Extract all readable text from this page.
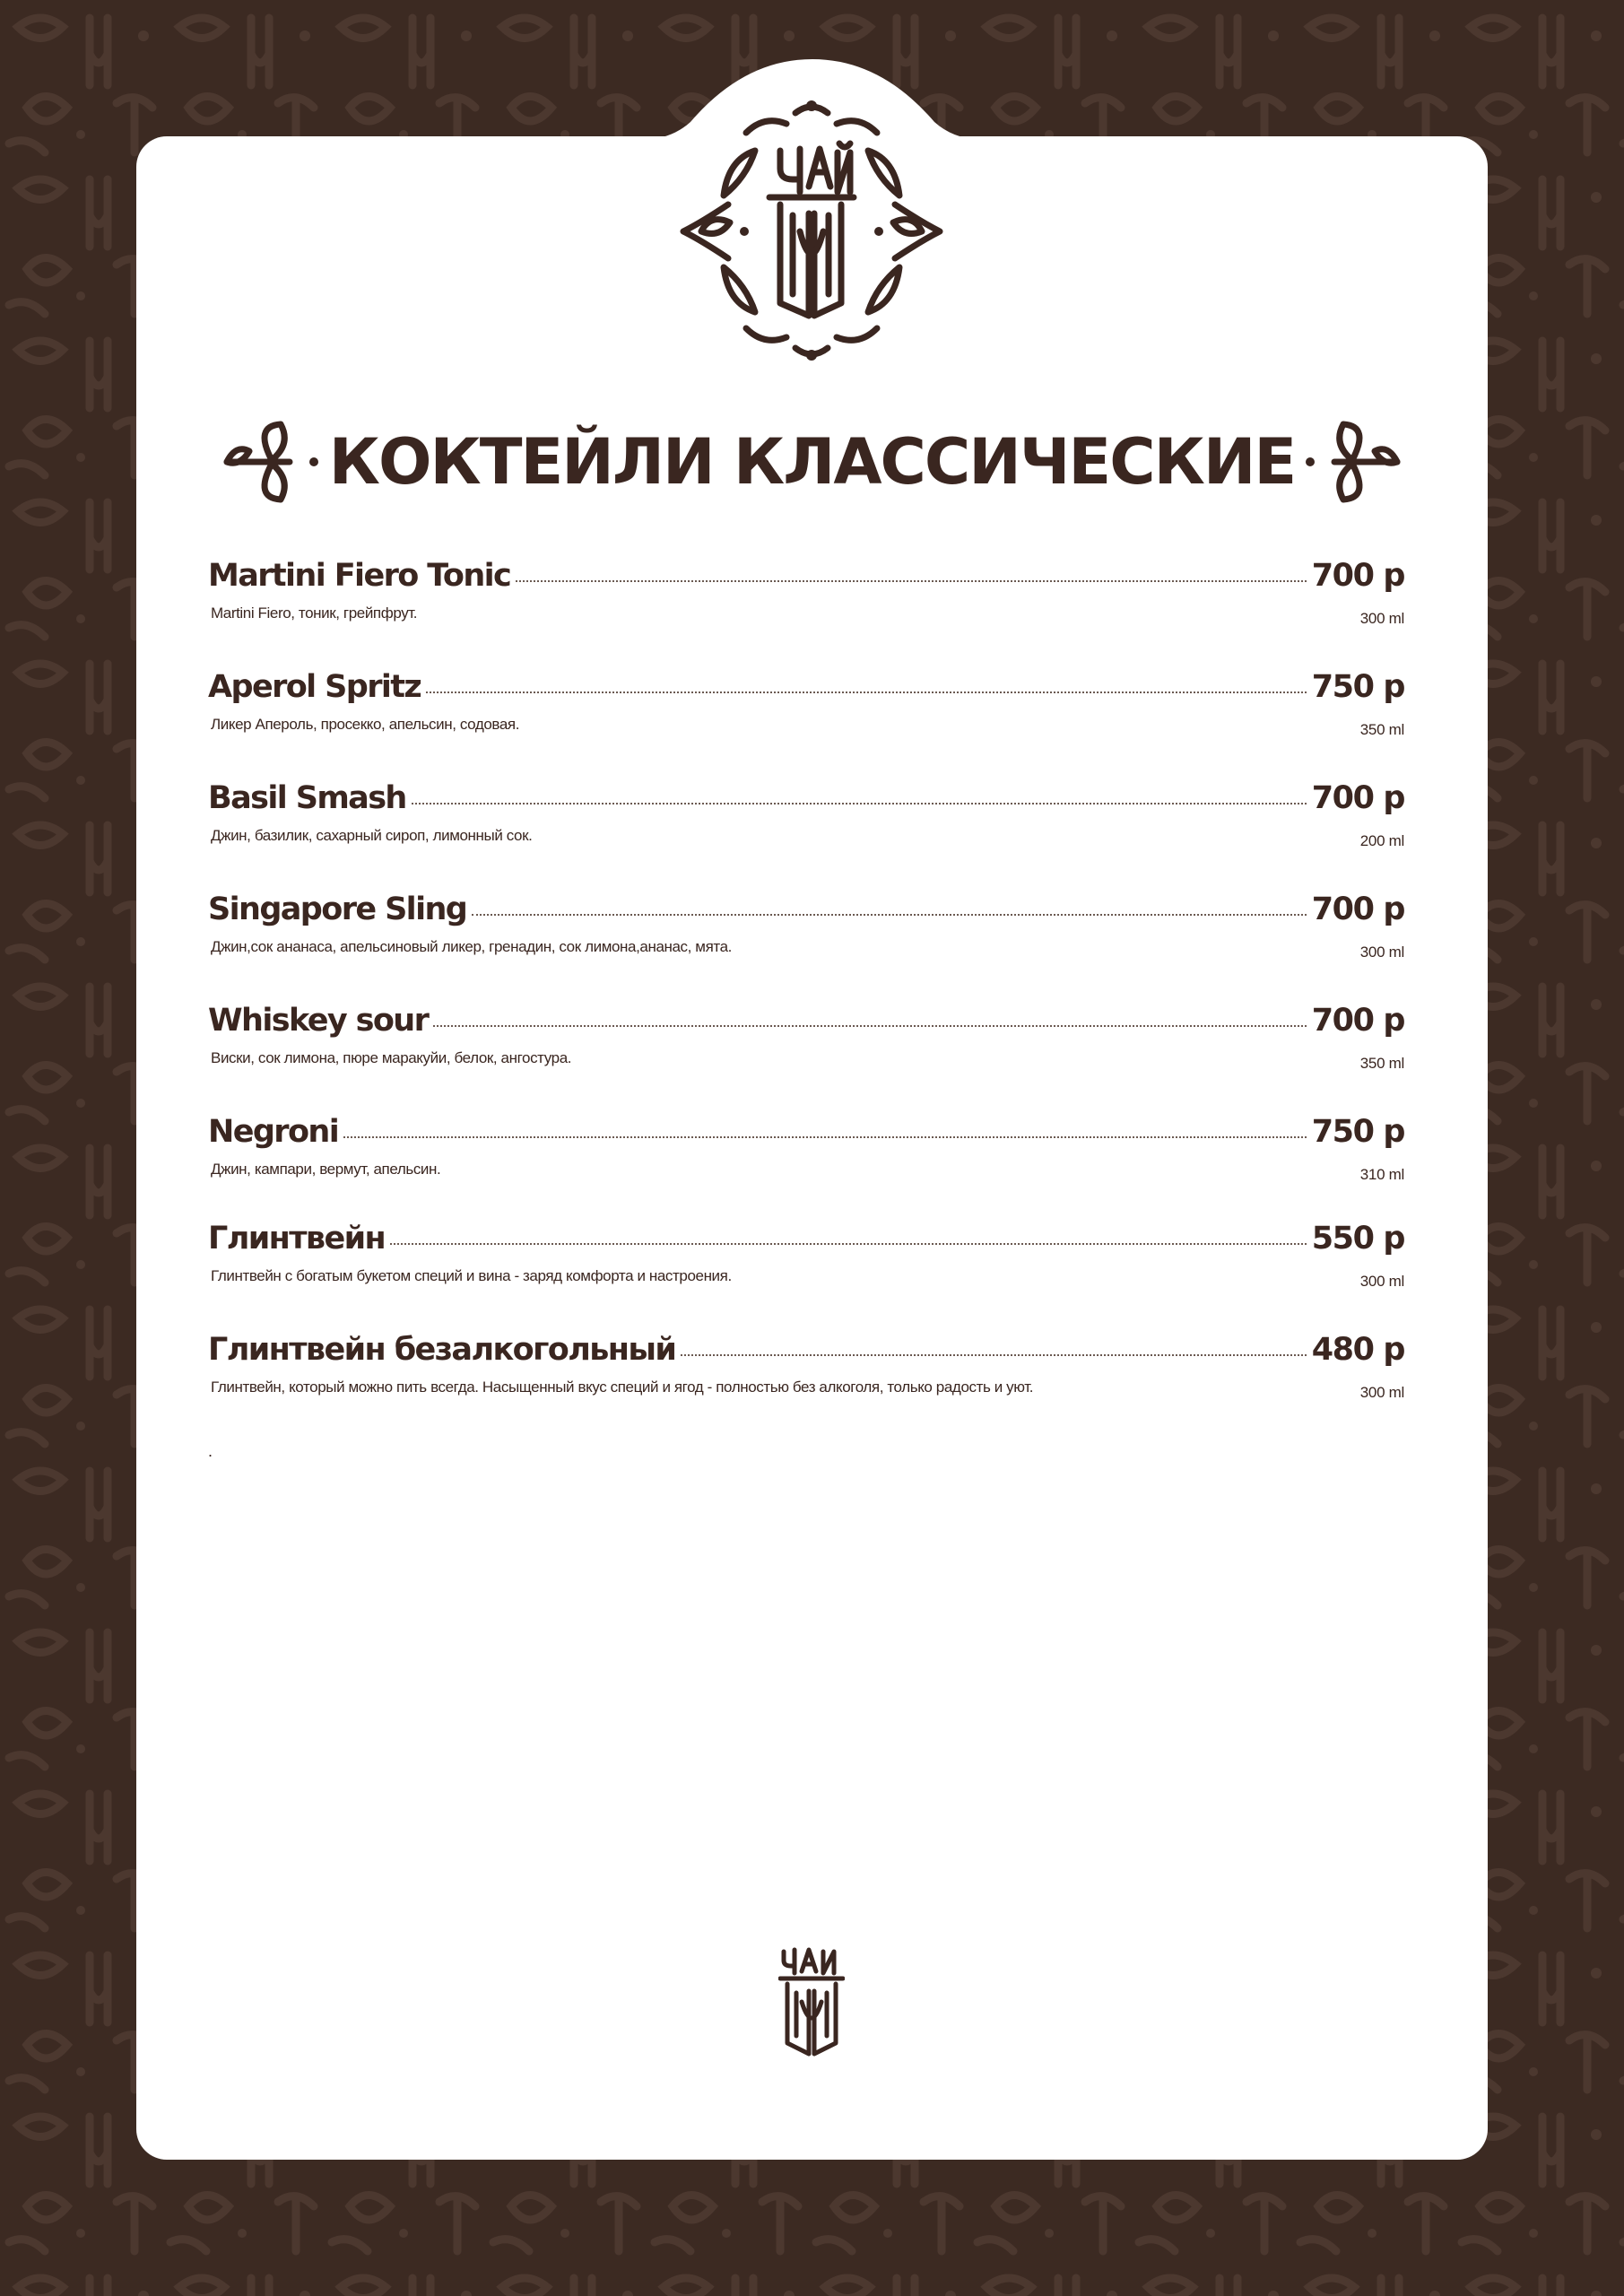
КОКТЕЙЛИ КЛАССИЧЕСКИЕ
Martini Fiero Tonic	700 р
Martini Fiero, тоник, грейпфрут.	300 ml
Aperol Spritz	750 р
Ликер Апероль, просекко, апельсин, содовая.	350 ml
Basil Smash	700 р
Джин, базилик, сахарный сироп, лимонный сок.	200 ml
Singapore Sling	700 р
Джин,сок ананаса, апельсиновый ликер, гренадин, сок лимона,ананас, мята.	300 ml
Whiskey sour	700 р
Виски, сок лимона, пюре маракуйи, белок, ангостура.	350 ml
Negroni	750 р
Джин, кампари, вермут, апельсин.	310 ml
Глинтвейн	550 р
Глинтвейн с богатым букетом специй и вина - заряд комфорта и настроения.	300 ml
Глинтвейн безалкогольный	480 р
Глинтвейн, который можно пить всегда. Насыщенный вкус специй и ягод - полностью без алкоголя, только радость и уют.	300 ml
.
